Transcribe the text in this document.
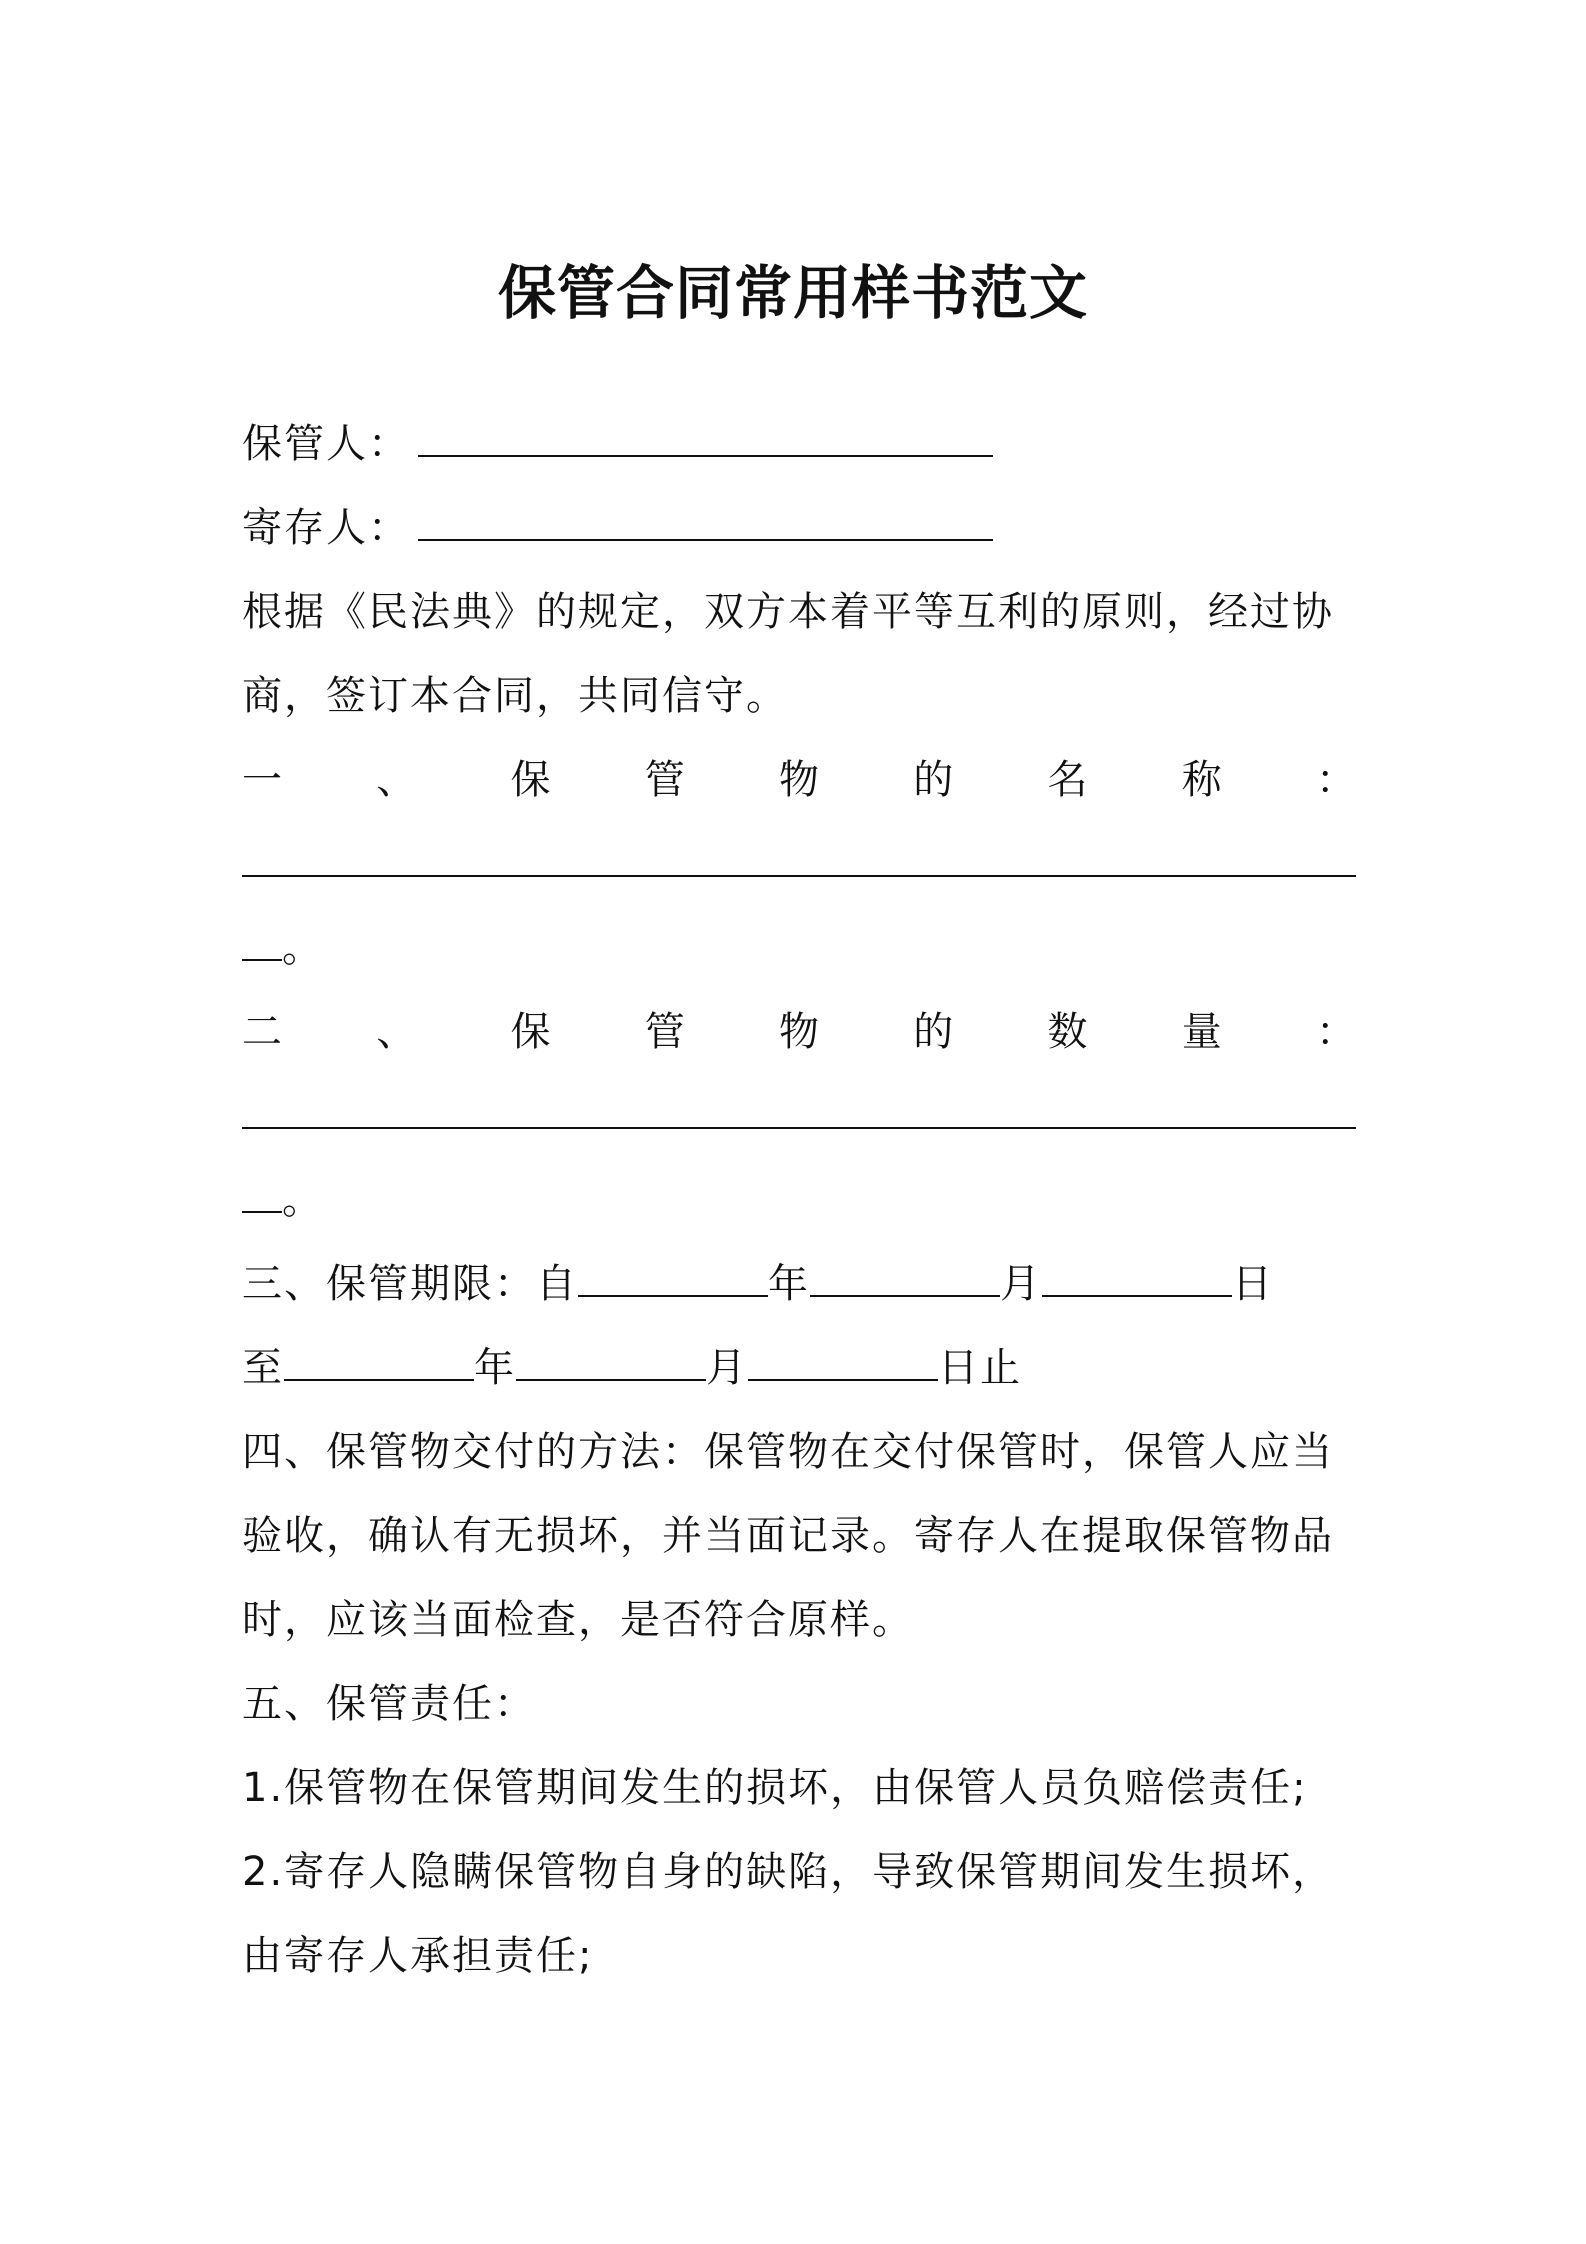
保管合同常用样书范文
保管人：
寄存人：
根据《民法典》的规定，双方本着平等互利的原则，经过协
商，签订本合同，共同信守。
一 、 保 管 物 的 名 称 ：
。
二 、 保 管 物 的 数 量 ：
。
三、保管期限：自	年	月	日
至	年	月	日止
四、保管物交付的方法：保管物在交付保管时，保管人应当
验收，确认有无损坏，并当面记录。寄存人在提取保管物品
时，应该当面检查，是否符合原样。
五、保管责任：
1.保管物在保管期间发生的损坏，由保管人员负赔偿责任;
2.寄存人隐瞒保管物自身的缺陷，导致保管期间发生损坏，
由寄存人承担责任;
